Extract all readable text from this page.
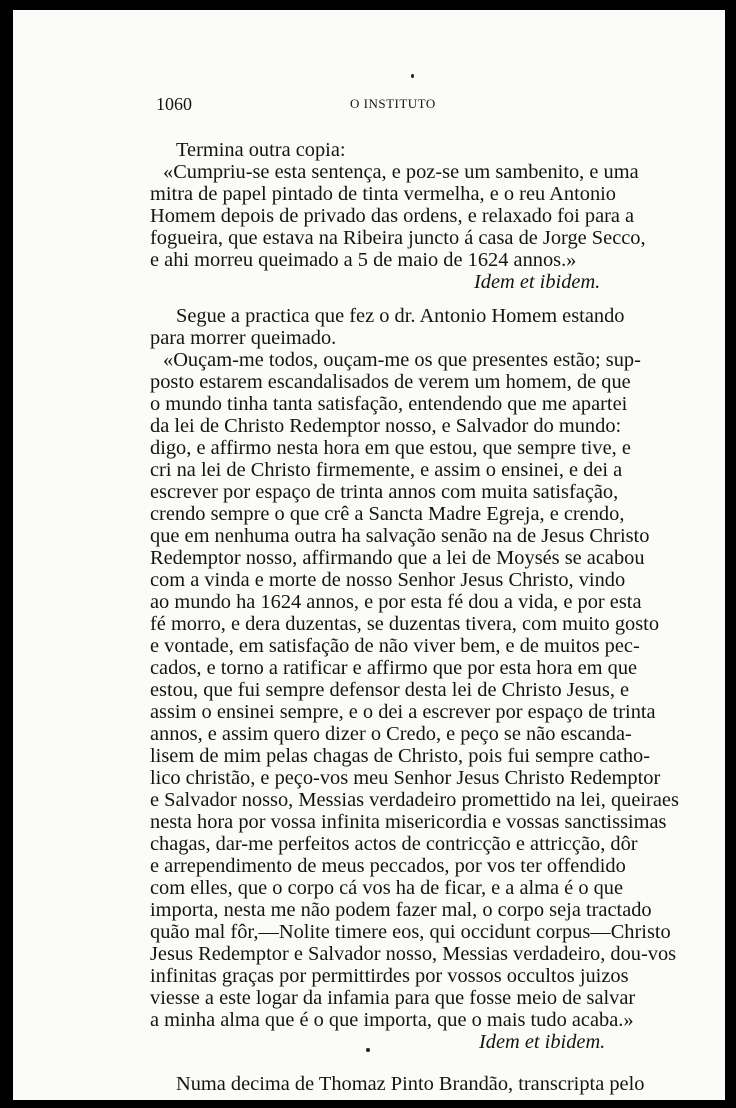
1060	O INSTITUTO
Termina outra copia:
«Cumpriu-se esta sentença, e poz-se um sambenito, e uma
mitra de papel pintado de tinta vermelha, e o reu Antonio
Homem depois de privado das ordens, e relaxado foi para a
fogueira, que estava na Ribeira juncto á casa de Jorge Secco,
e ahi morreu queimado a 5 de maio de 1624 annos.»
Idem et ibidem.
Segue a practica que fez o dr. Antonio Homem estando
para morrer queimado.
«Ouçam-me todos, ouçam-me os que presentes estão; sup-
posto estarem escandalisados de verem um homem, de que
o mundo tinha tanta satisfação, entendendo que me apartei
da lei de Christo Redemptor nosso, e Salvador do mundo:
digo, e affirmo nesta hora em que estou, que sempre tive, e
cri na lei de Christo firmemente, e assim o ensinei, e dei a
escrever por espaço de trinta annos com muita satisfação,
crendo sempre o que crê a Sancta Madre Egreja, e crendo,
que em nenhuma outra ha salvação senão na de Jesus Christo
Redemptor nosso, affirmando que a lei de Moysés se acabou
com a vinda e morte de nosso Senhor Jesus Christo, vindo
ao mundo ha 1624 annos, e por esta fé dou a vida, e por esta
fé morro, e dera duzentas, se duzentas tivera, com muito gosto
e vontade, em satisfação de não viver bem, e de muitos pec-
cados, e torno a ratificar e affirmo que por esta hora em que
estou, que fui sempre defensor desta lei de Christo Jesus, e
assim o ensinei sempre, e o dei a escrever por espaço de trinta
annos, e assim quero dizer o Credo, e peço se não escanda-
lisem de mim pelas chagas de Christo, pois fui sempre catho-
lico christão, e peço-vos meu Senhor Jesus Christo Redemptor
e Salvador nosso, Messias verdadeiro promettido na lei, queiraes
nesta hora por vossa infinita misericordia e vossas sanctissimas
chagas, dar-me perfeitos actos de contricção e attricção, dôr
e arrependimento de meus peccados, por vos ter offendido
com elles, que o corpo cá vos ha de ficar, e a alma é o que
importa, nesta me não podem fazer mal, o corpo seja tractado
quão mal fôr,—Nolite timere eos, qui occidunt corpus—Christo
Jesus Redemptor e Salvador nosso, Messias verdadeiro, dou-vos
infinitas graças por permittirdes por vossos occultos juizos
viesse a este logar da infamia para que fosse meio de salvar
a minha alma que é o que importa, que o mais tudo acaba.»
Idem et ibidem.
Numa decima de Thomaz Pinto Brandão, transcripta pelo
